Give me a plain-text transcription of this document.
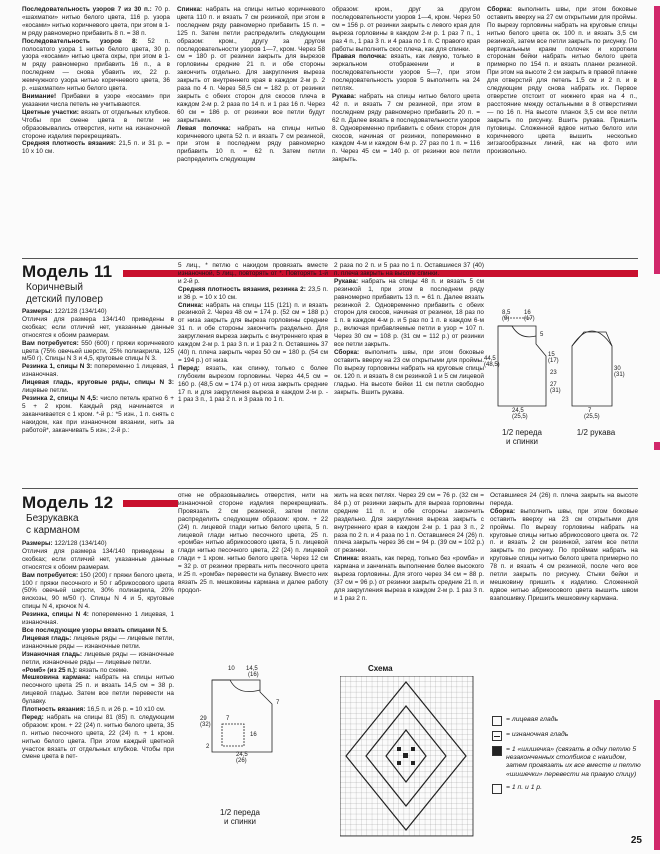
Последовательность узоров 7 из 30 п.: 70 р. «шахматки» нитью белого цвета, 116 р. узора «косами» нитью коричневого цвета, при этом в 1-м ряду равномерно прибавить 8 п. = 38 п.

Последовательность узоров 8: 52 п. полосатого узора 1 нитью белого цвета, 30 р. узора «косами» нитью цвета охры, при этом в 1-м ряду равномерно прибавить 16 п., а в последнем — снова убавить их, 22 р. жемчужного узора нитью коричневого цвета, 36 р. «шахматки» нитью белого цвета.

Внимание! Прибавки в узоре «косами» при указании числа петель не учитываются.

Цветные участки: вязать от отдельных клубков. Чтобы при смене цвета в петли не образовывались отверстия, нити на изнаночной стороне изделия перекрещивать.

Средняя плотность вязания: 21,5 п. и 31 р. = 10 х 10 см.

Спинка: набрать на спицы нитью коричневого цвета 110 п. и вязать 7 см резинкой, при этом в последнем ряду равномерно прибавить 15 п. = 125 п. Затем петли распределить следующим образом: кром., другу за другом последовательности узоров 1—7, кром. Через 58 см = 180 р. от резинки закрыть для вырезов горловины средние 21 п. и обе стороны закончить отдельно. Для закругления выреза закрыть от внутреннего края в каждом 2-м р. 2 раза по 4 п. Через 58,5 см = 182 р. от резинки закрыть с обеих сторон для скосов плеча в каждом 2-м р. 2 раза по 14 п. и 1 раз 16 п. Через 60 см = 186 р. от резинки все петли будут закрытыми.

Левая полочка: набрать на спицы нитью коричневого цвета 52 п. и вязать 7 см резинкой, при этом в последнем ряду равномерно прибавить 10 п. = 62 п. Затем петли распределить следующим

образом: кром., друг за другом последовательности узоров 1—4, кром. Через 50 см = 156 р. от резинки закрыть с левого края для выреза горловины в каждом 2-м р. 1 раз 7 п., 1 раз 4 п., 1 раз 3 п. и 4 раза по 1 п. С правого края работы выполнить скос плеча, как для спинки.

Правая полочка: вязать, как левую, только в зеркальном отображении и в последовательности узоров 5—7, при этом последовательность узоров 5 выполнить на 24 петлях.

Рукава: набрать на спицы нитью белого цвета 42 п. и вязать 7 см резинкой, при этом в последнем ряду равномерно прибавить 20 п. = 62 п. Далее вязать в последовательности узоров 8. Одновременно прибавить с обеих сторон для скосов, начиная от резинки, попеременно в каждом 4-м и каждом 6-м р. 27 раз по 1 п. = 116 п. Через 45 см = 140 р. от резинки все петли закрыть.

Сборка: выполнить швы, при этом боковые оставить вверху на 27 см открытыми для проймы. По вырезу горловины набрать на круговые спицы нитью белого цвета ок. 100 п. и вязать 3,5 см резинкой, затем все петли закрыть по рисунку. По вертикальным краям полочек и коротким сторонам бейки набрать нитью белого цвета примерно по 154 п. и вязать планки резинкой. При этом на высоте 2 см закрыть в правой планке для отверстий для петель 1,5 см и 2 п. и в следующем ряду снова набрать их. Первое отверстие отстоит от нижнего края на 4 п., расстояние между остальными в 8 отверстиями — по 16 п. На высоте планок 3,5 см все петли закрыть по рисунку. Вшить рукава. Пришить пуговицы. Сложенной вдвое нитью белого или коричневого цвета вышить несколько зигзагообразных линий, как на фото или произвольно.

Модель 11
Коричневый
детский пуловер

Размеры: 122/128 (134/140)

Отличия для размера 134/140 приведены в скобках; если отличий нет, указанные данные относятся к обоим размерам.

Вам потребуется: 550 (600) г пряжи коричневого цвета (75% овечьей шерсти, 25% полиакрила, 125 м/50 г). Спицы N 3 и 4,5, круговые спицы N 3.

Резинка 1, спицы N 3: попеременно 1 лицевая, 1 изнаночная.

Лицевая гладь, круговые ряды, спицы N 3: лицевые петли.

Резинка 2, спицы N 4,5: число петель кратно 6 + 5 + 2 кром. Каждый ряд начинается и заканчивается с 1 кром. *-й р.: *5 изн., 1 п. снять с накидом, как при изнаночном вязании, нить за работой*, заканчивать 5 изн.; 2-й р.:

5 лиц., * петлю с накидом провязать вместе изнаночной, 5 лиц., повторять от *. Повторять 1-й и 2-й р.

Средняя плотность вязания, резинка 2: 23,5 п. и 36 р. = 10 х 10 см.

Спинка: набрать на спицы 115 (121) п. и вязать резинкой 2. Через 48 см = 174 р. (52 см = 188 р.) от низа закрыть для выреза горловины средние 31 п. и обе стороны закончить раздельно. Для закругления выреза закрыть с внутреннего края в каждом 2-м р. 1 раз 3 п. и 1 раз 2 п. Оставшиеь 37 (40) п. плеча закрыть через 50 см = 180 р. (54 см = 194 р.) от низа.

Перед: вязать, как спинку, только с более глубоким вырезом горловины. Через 44,5 см = 160 р. (48,5 см = 174 р.) от низа закрыть средние 17 п. и для закругления выреза в каждом 2-м р. - 1 раз 3 п., 1 раз 2 п. и 3 раза по 1 п.

2 раза по 2 п. и 5 раз по 1 п. Оставшиеся 37 (40) п. плеча закрыть на высоте спинки.

Рукава: набрать на спицы 48 п. и вязать 5 см резинкой 1, при этом в последнем ряду равномерно прибавить 13 п. = 61 п. Далее вязать резинкой 2. Одновременно прибавить с обеих сторон для скосов, начиная от резинки, 18 раз по 1 п. в каждом 4-м р. и 5 раз по 1 п. в каждом 6-м р., включая прибавляемые петли в узор = 107 п. Через 30 см = 108 р. (31 см = 112 р.) от резинки все петли закрыть.

Сборка: выполнить швы, при этом боковые оставить вверху на 23 см открытыми для проймы. По вырезу горловины набрать на круговые спицы ок. 120 п. и вязать 8 см резинкой 1 и 5 см лицевой гладью. На высоте бейки 11 см петли свободно закрыть. Вшить рукава.

8,5
(9)
16
(17)
15
(17)
44,5
(48,5)
5
23
27
(31)
30
(31)
24,5
(25,5)
7
(25,5)
1/2 переда
и спинки
1/2 рукава
Модель 12
Безрукавка
с карманом

Размеры: 122/128 (134/140)

Отличия для размера 134/140 приведены в скобках; если отличий нет, указанные данные относятся к обоим размерам.

Вам потребуется: 150 (200) г пряжи белого цвета, 100 г пряжи песочного и 50 г абрикосового цвета (50% овечьей шерсти, 30% полиакрила, 20% вискозы, 90 м/50 г). Спицы N 4 и 5, круговые спицы N 4, крючок N 4.

Резинка, спицы N 4: попеременно 1 лицевая, 1 изнаночная.

Все последующие узоры вязать спицами N 5.

Лицевая гладь: лицевые ряды — лицевые петли, изнаночные ряды — изнаночные петли.

Изнаночная гладь: лицевые ряды — изнаночные петли, изнаночные ряды — лицевые петли.

«Ромб» (из 25 п.): вязать по схеме.

Мешковина кармана: набрать на спицы нитью песочного цвета 25 п. и вязать 14,5 см = 38 р. лицевой гладью. Затем все петли перевести на булавку.

Плотность вязания: 16,5 п. и 26 р. = 10 х10 см.

Перед: набрать на спицы 81 (85) п. следующим образом: кром. + 22 (24) п. нитью белого цвета, 35 п. нитью песочного цвета, 22 (24) п. + 1 кром. нитью белого цвета. При этом каждый цветной участок вязать от отдельных клубков. Чтобы при смене цвета в пет-

отне не образовывались отверстия, нити на изнаночной стороне изделия перекрещивать. Провязать 2 см резинкой, затем петли распределить следующим образом: кром. + 22 (24) п. лицевой глади нитью белого цвета, 5 п. лицевой глади нитью песочного цвета, 25 п. «ромба» нитью абрикосового цвета, 5 п. лицевой глади нитью песочного цвета, 22 (24) п. лицевой глади + 1 кром. нитью белого цвета. Через 12 см = 32 р. от резинки прервать нить песочного цвета и 25 п. «ромба» перевести на булавку. Вместо них вязать 25 п. мешковины кармана и далее работу продол-

жить на всех петлях. Через 29 см = 76 р. (32 см = 84 р.) от резинки закрыть для выреза горловины средние 11 п. и обе стороны закончить раздельно. Для закругления выреза закрыть с внутреннего края в каждом 2-м р. 1 раз 3 п., 2 раза по 2 п. и 4 раза по 1 п. Оставшиеся 24 (26) п. плеча закрыть через 36 см = 94 р. (39 см = 102 р.) от резинки.

Спинка: вязать, как перед, только без «ромба» и кармана и занчинать выполнение более высокого выреза горловины. Для этого через 34 см = 88 р. (37 см = 96 р.) от резинки закрыть средние 21 п. и для закругления выреза в каждом 2-м р. 1 раз 3 п. и 1 раз 2 п.

Оставшиеся 24 (26) п. плеча закрыть на высоте переда.

Сборка: выполнить швы, при этом боковые оставить вверху на 23 см открытыми для проймы. По вырезу горловины набрать на круговые спицы нитью абрикосового цвета ок. 72 п. и вязать 2 см резинкой, затем все петли закрыть по рисунку. По проймам набрать на круговые спицы нитью белого цвета примерно по 78 п. и вязать 4 см резинкой, после чего все петли закрыть по рисунку. Стыки бейки и мешковину пришить к изделию. Сложенной вдвое нитью абрикосового цвета вышить швом взапошивку. Пришить мешковину кармана.

10 14,5
(16)
7
29
(32)
7
16
2
24,5
(26)
1/2 переда
и спинки
Схема
= лицевая гладь
= изнаночная гладь
= 1 «шишечка» (связать в одну петлю 5 незаконченных столбиков с накидом, затем провязать их все вместе и петлю «шишечки» перевести на правую спицу)
= 1 п. и 1 р.
25
